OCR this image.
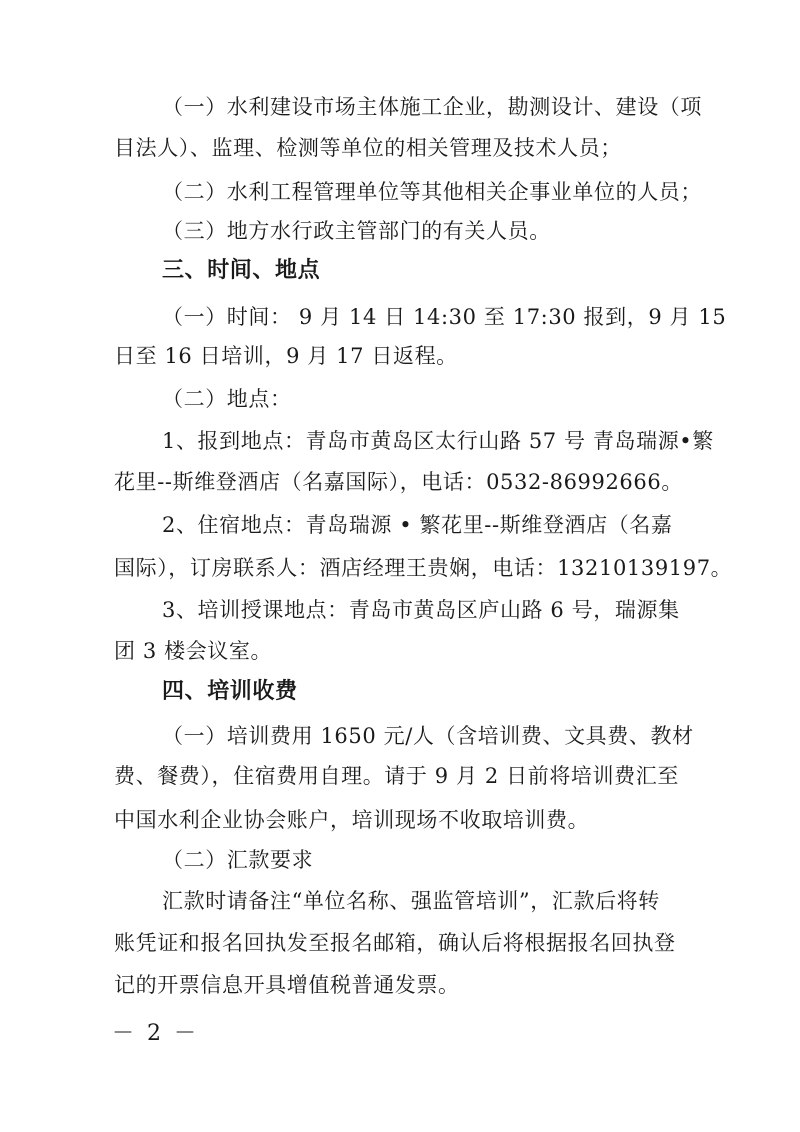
（一）水利建设市场主体施工企业，勘测设计、建设（项

目法人）、监理、检测等单位的相关管理及技术人员；

（二）水利工程管理单位等其他相关企事业单位的人员；

（三）地方水行政主管部门的有关人员。

三、时间、地点

（一）时间： 9 月 14 日 14:30 至 17:30 报到，9 月 15

日至 16 日培训，9 月 17 日返程。

（二）地点：

1、报到地点：青岛市黄岛区太行山路 57 号 青岛瑞源•繁

花里--斯维登酒店（名嘉国际），电话：0532-86992666。

2、住宿地点：青岛瑞源 • 繁花里--斯维登酒店（名嘉

国际），订房联系人：酒店经理王贵娴，电话：13210139197。

3、培训授课地点：青岛市黄岛区庐山路 6 号，瑞源集

团 3 楼会议室。

四、培训收费

（一）培训费用 1650 元/人（含培训费、文具费、教材

费、餐费），住宿费用自理。请于 9 月 2 日前将培训费汇至

中国水利企业协会账户，培训现场不收取培训费。

（二）汇款要求

汇款时请备注“单位名称、强监管培训”，汇款后将转

账凭证和报名回执发至报名邮箱，确认后将根据报名回执登

记的开票信息开具增值税普通发票。

－ 2 －
